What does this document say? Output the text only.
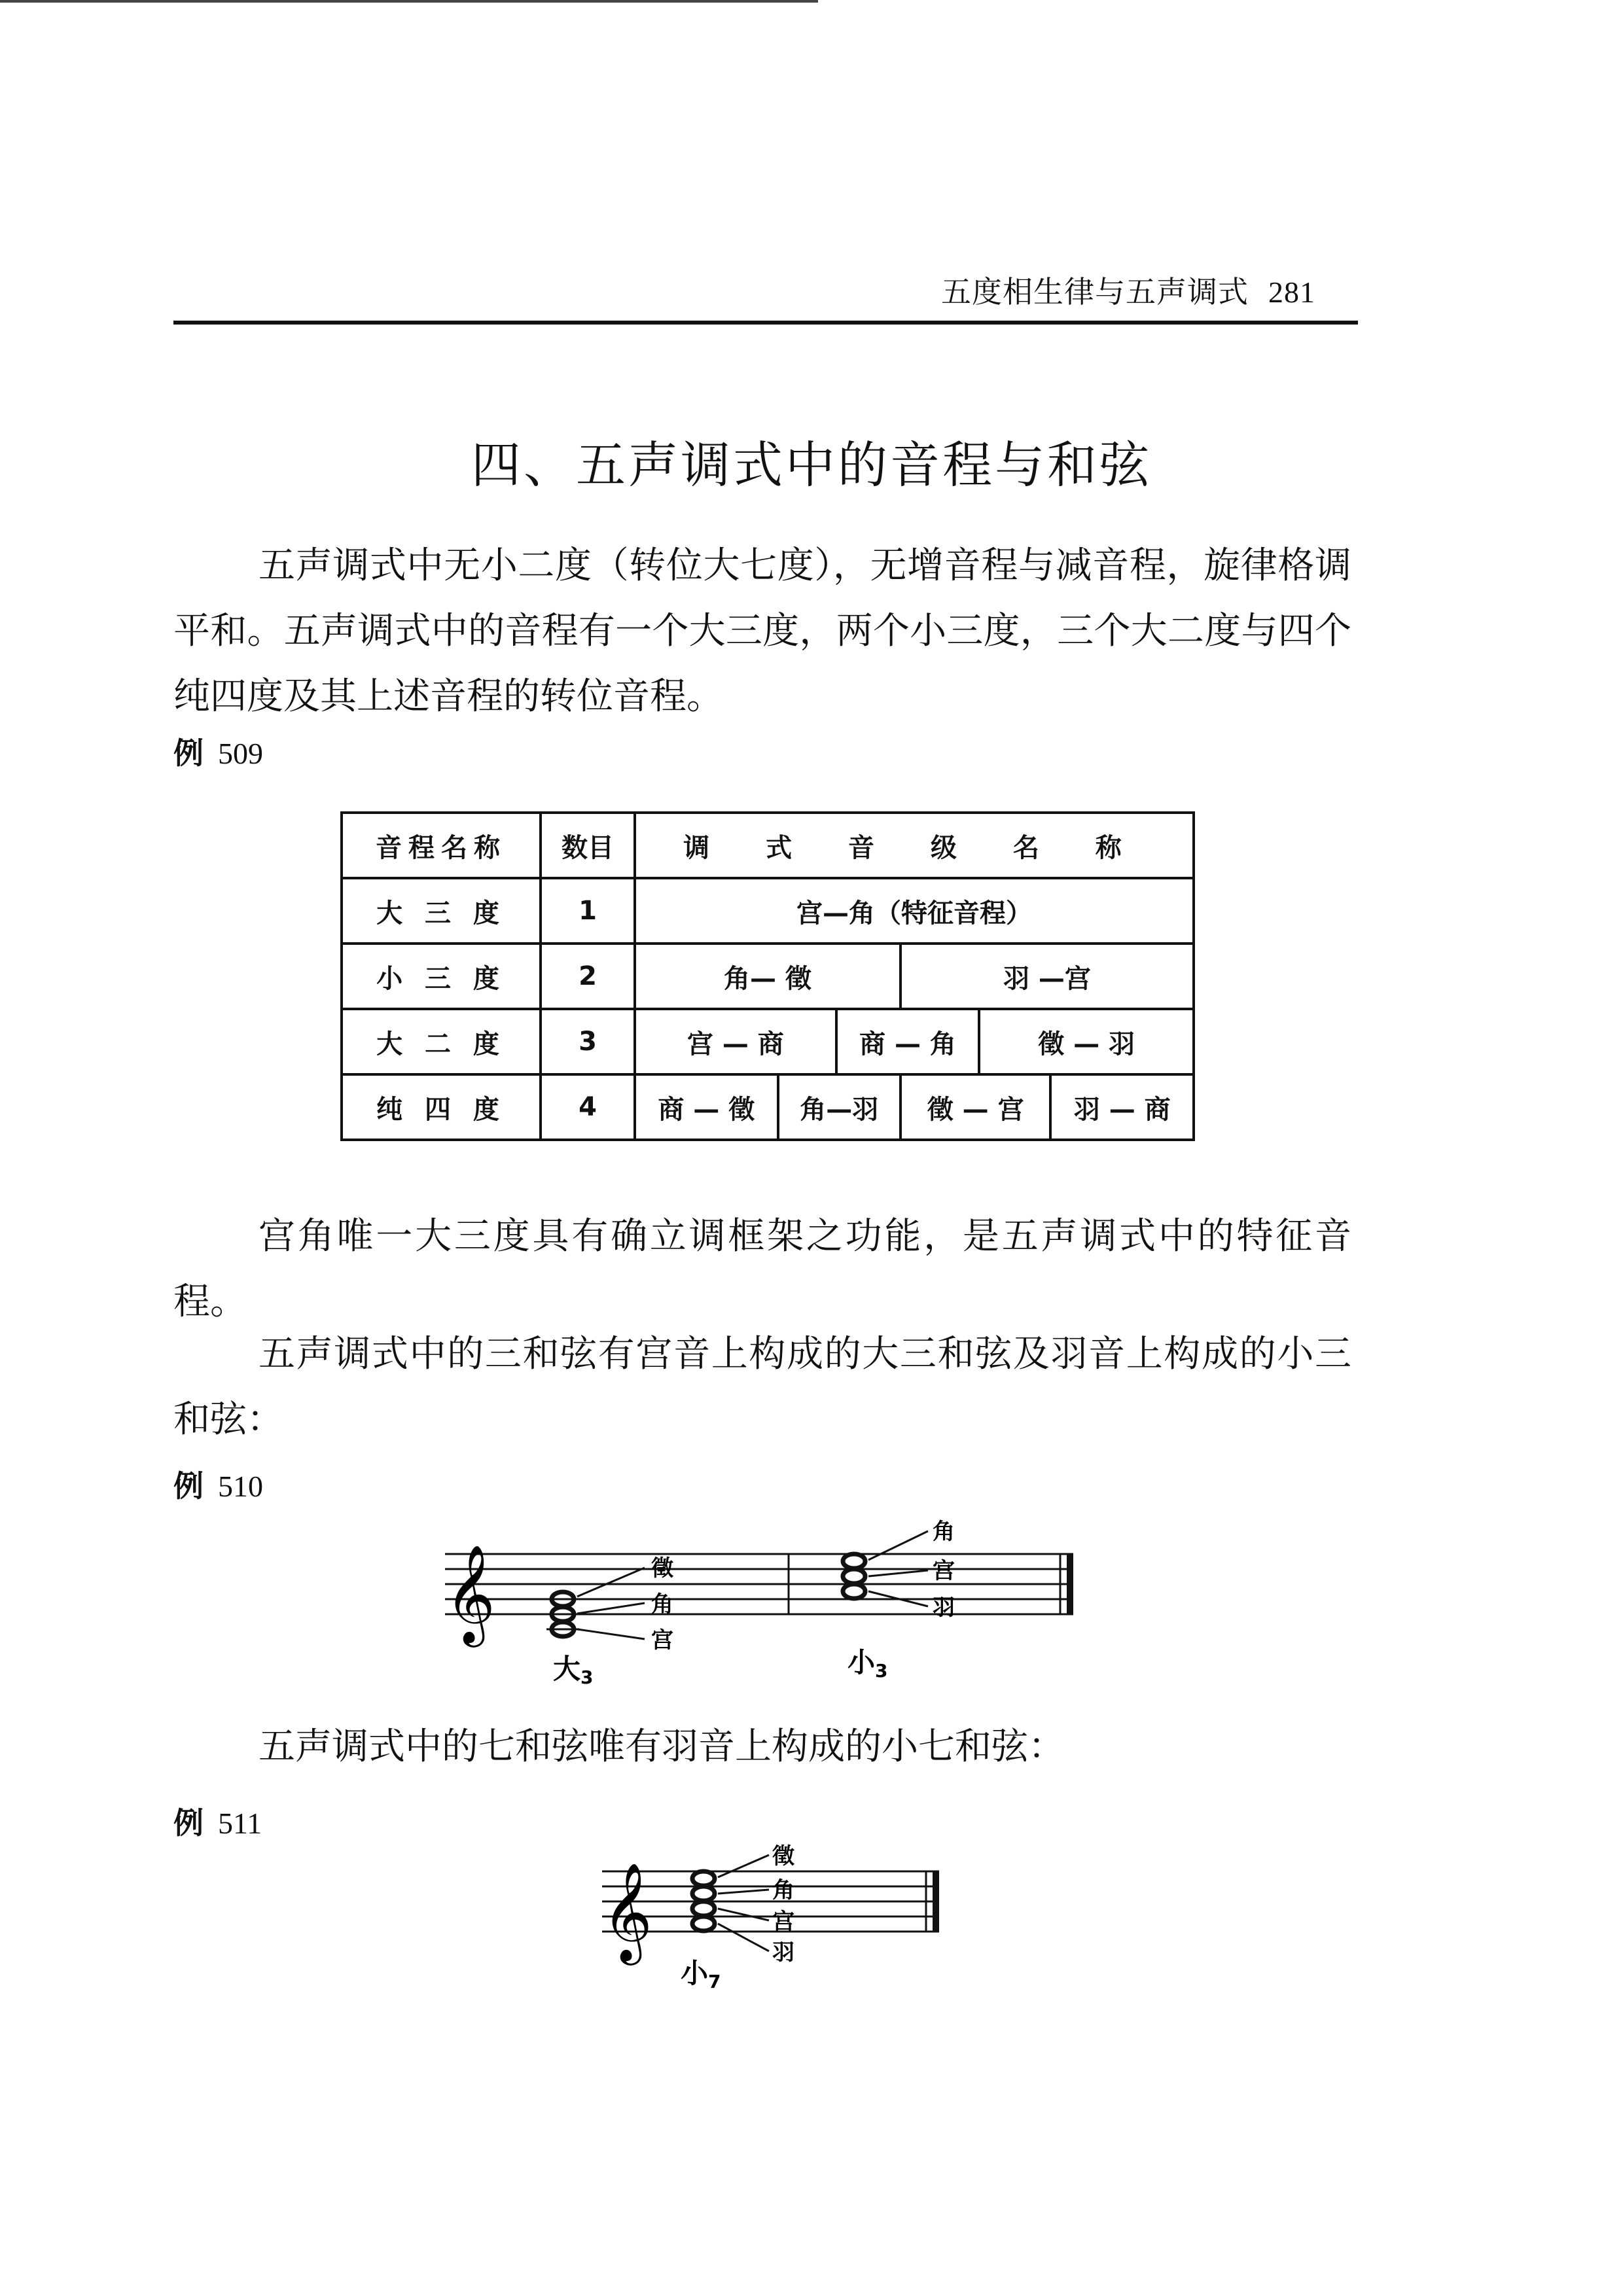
五度相生律与五声调式 281
四、五声调式中的音程与和弦

五声调式中无小二度（转位大七度），无增音程与减音程，旋律格调平和。五声调式中的音程有一个大三度，两个小三度，三个大二度与四个纯四度及其上述音程的转位音程。

例 509
音程名称	数目	调 式 音 级 名 称					
大 三 度	1	宫—角（特征音程）					
小 三 度	2	角— 徵			羽 —宫		
大 二 度	3	宫 — 商		商 — 角		徵 — 羽	
纯 四 度	4	商 — 徵	角—羽		徵 — 宫		羽 — 商

宫角唯一大三度具有确立调框架之功能，是五声调式中的特征音程。

五声调式中的三和弦有宫音上构成的大三和弦及羽音上构成的小三和弦：

例 510
𝄞	徵
角
宫
大3
角
宫
羽
小3

五声调式中的七和弦唯有羽音上构成的小七和弦：

例 511
𝄞
徵
角
宫
羽
小7
